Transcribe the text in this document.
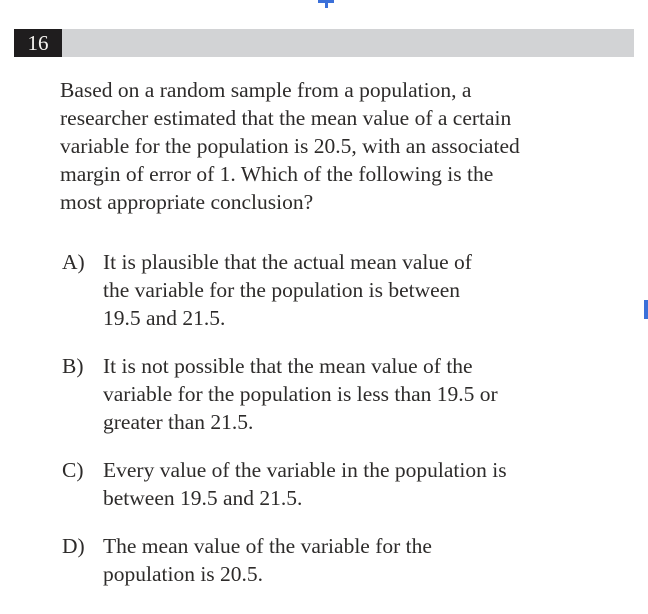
16
Based on a random sample from a population, a
researcher estimated that the mean value of a certain
variable for the population is 20.5, with an associated
margin of error of 1. Which of the following is the
most appropriate conclusion?
A) It is plausible that the actual mean value of
the variable for the population is between
19.5 and 21.5.
B) It is not possible that the mean value of the
variable for the population is less than 19.5 or
greater than 21.5.
C) Every value of the variable in the population is
between 19.5 and 21.5.
D) The mean value of the variable for the
population is 20.5.
